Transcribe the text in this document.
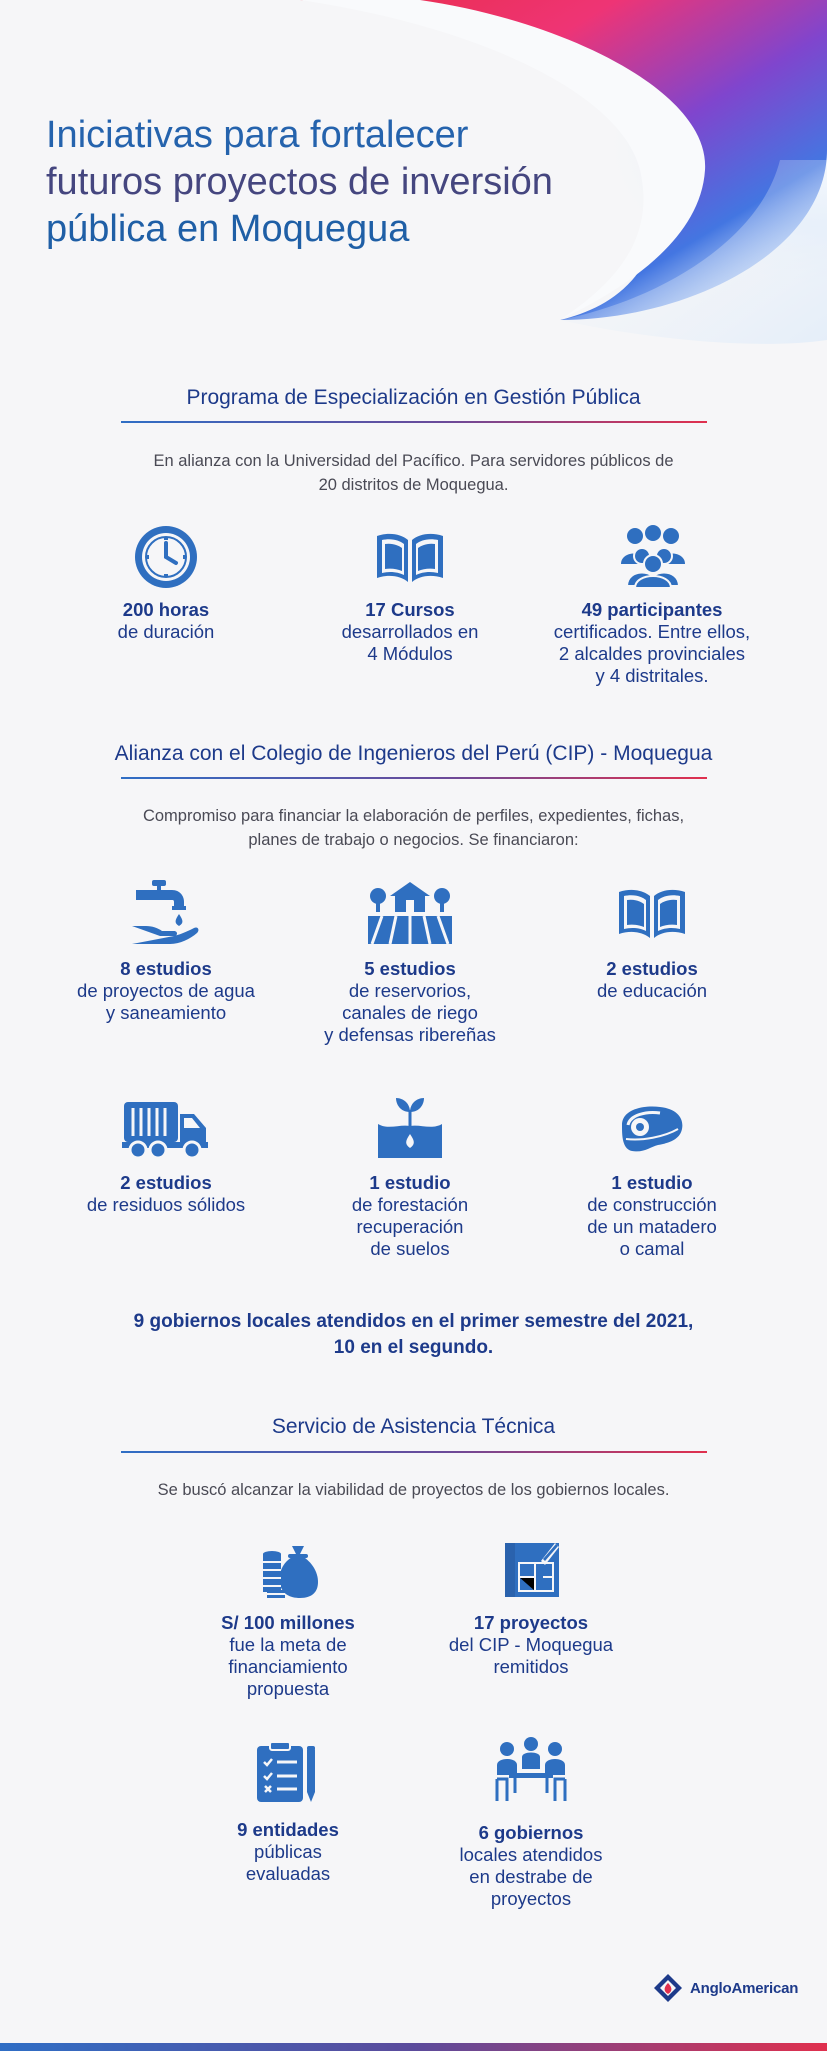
Iniciativas para fortalecer
futuros proyectos de inversión
pública en Moquegua
Programa de Especialización en Gestión Pública
En alianza con la Universidad del Pacífico. Para servidores públicos de
20 distritos de Moquegua.
200 horas
de duración
17 Cursos
desarrollados en
4 Módulos
49 participantes
certificados. Entre ellos,
2 alcaldes provinciales
y 4 distritales.
Alianza con el Colegio de Ingenieros del Perú (CIP) - Moquegua
Compromiso para financiar la elaboración de perfiles, expedientes, fichas,
planes de trabajo o negocios. Se financiaron:
8 estudios
de proyectos de agua
y saneamiento
5 estudios
de reservorios,
canales de riego
y defensas ribereñas
2 estudios
de educación
2 estudios
de residuos sólidos
1 estudio
de forestación
recuperación
de suelos
1 estudio
de construcción
de un matadero
o camal
9 gobiernos locales atendidos en el primer semestre del 2021,
10 en el segundo.
Servicio de Asistencia Técnica
Se buscó alcanzar la viabilidad de proyectos de los gobiernos locales.
S/ 100 millones
fue la meta de
financiamiento
propuesta
17 proyectos
del CIP - Moquegua
remitidos
9 entidades
públicas
evaluadas
6 gobiernos
locales atendidos
en destrabe de
proyectos
AngloAmerican
